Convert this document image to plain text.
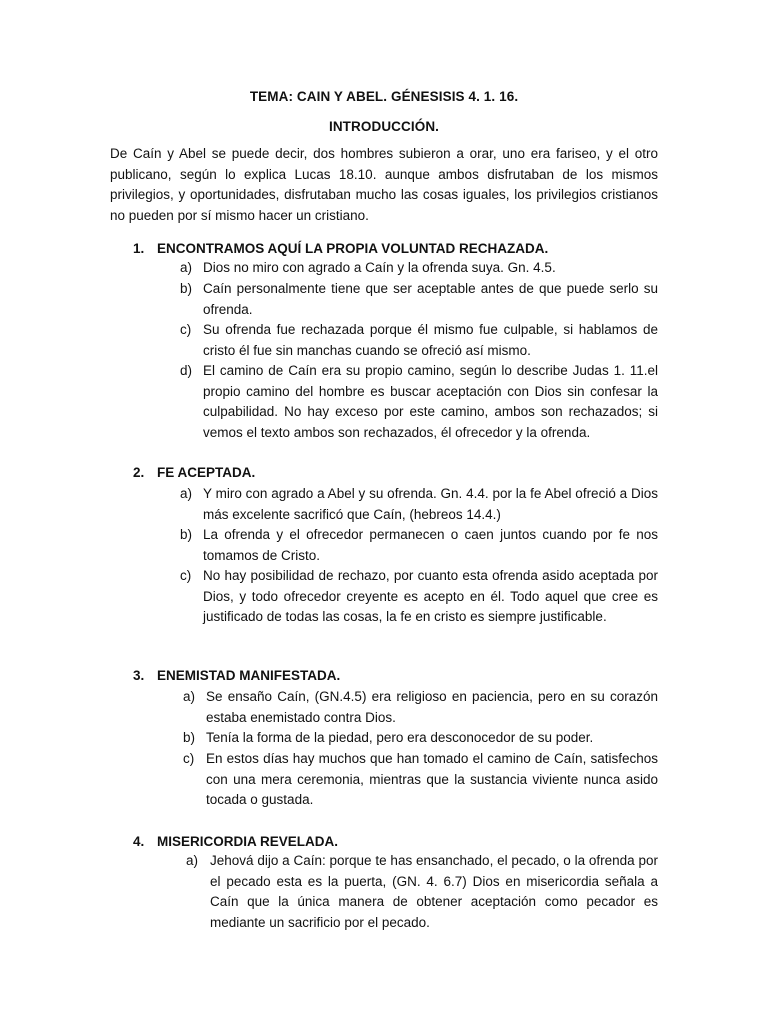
TEMA: CAIN Y ABEL. GÉNESISIS 4. 1. 16.
INTRODUCCIÓN.
De Caín y Abel se puede decir, dos hombres subieron a orar, uno era fariseo, y el otro publicano, según lo explica Lucas 18.10. aunque ambos disfrutaban de los mismos privilegios, y oportunidades, disfrutaban mucho las cosas iguales, los privilegios cristianos no pueden por sí mismo hacer un cristiano.
1. ENCONTRAMOS AQUÍ LA PROPIA VOLUNTAD RECHAZADA.
a) Dios no miro con agrado a Caín y la ofrenda suya. Gn. 4.5.
b) Caín personalmente tiene que ser aceptable antes de que puede serlo su ofrenda.
c) Su ofrenda fue rechazada porque él mismo fue culpable, si hablamos de cristo él fue sin manchas cuando se ofreció así mismo.
d) El camino de Caín era su propio camino, según lo describe Judas 1. 11.el propio camino del hombre es buscar aceptación con Dios sin confesar la culpabilidad. No hay exceso por este camino, ambos son rechazados; si vemos el texto ambos son rechazados, él ofrecedor y la ofrenda.
2. FE ACEPTADA.
a) Y miro con agrado a Abel y su ofrenda. Gn. 4.4. por la fe Abel ofreció a Dios más excelente sacrificó que Caín, (hebreos 14.4.)
b) La ofrenda y el ofrecedor permanecen o caen juntos cuando por fe nos tomamos de Cristo.
c) No hay posibilidad de rechazo, por cuanto esta ofrenda asido aceptada por Dios, y todo ofrecedor creyente es acepto en él. Todo aquel que cree es justificado de todas las cosas, la fe en cristo es siempre justificable.
3. ENEMISTAD MANIFESTADA.
a) Se ensaño Caín, (GN.4.5) era religioso en paciencia, pero en su corazón estaba enemistado contra Dios.
b) Tenía la forma de la piedad, pero era desconocedor de su poder.
c) En estos días hay muchos que han tomado el camino de Caín, satisfechos con una mera ceremonia, mientras que la sustancia viviente nunca asido tocada o gustada.
4. MISERICORDIA REVELADA.
a) Jehová dijo a Caín: porque te has ensanchado, el pecado, o la ofrenda por el pecado esta es la puerta, (GN. 4. 6.7) Dios en misericordia señala a Caín que la única manera de obtener aceptación como pecador es mediante un sacrificio por el pecado.
